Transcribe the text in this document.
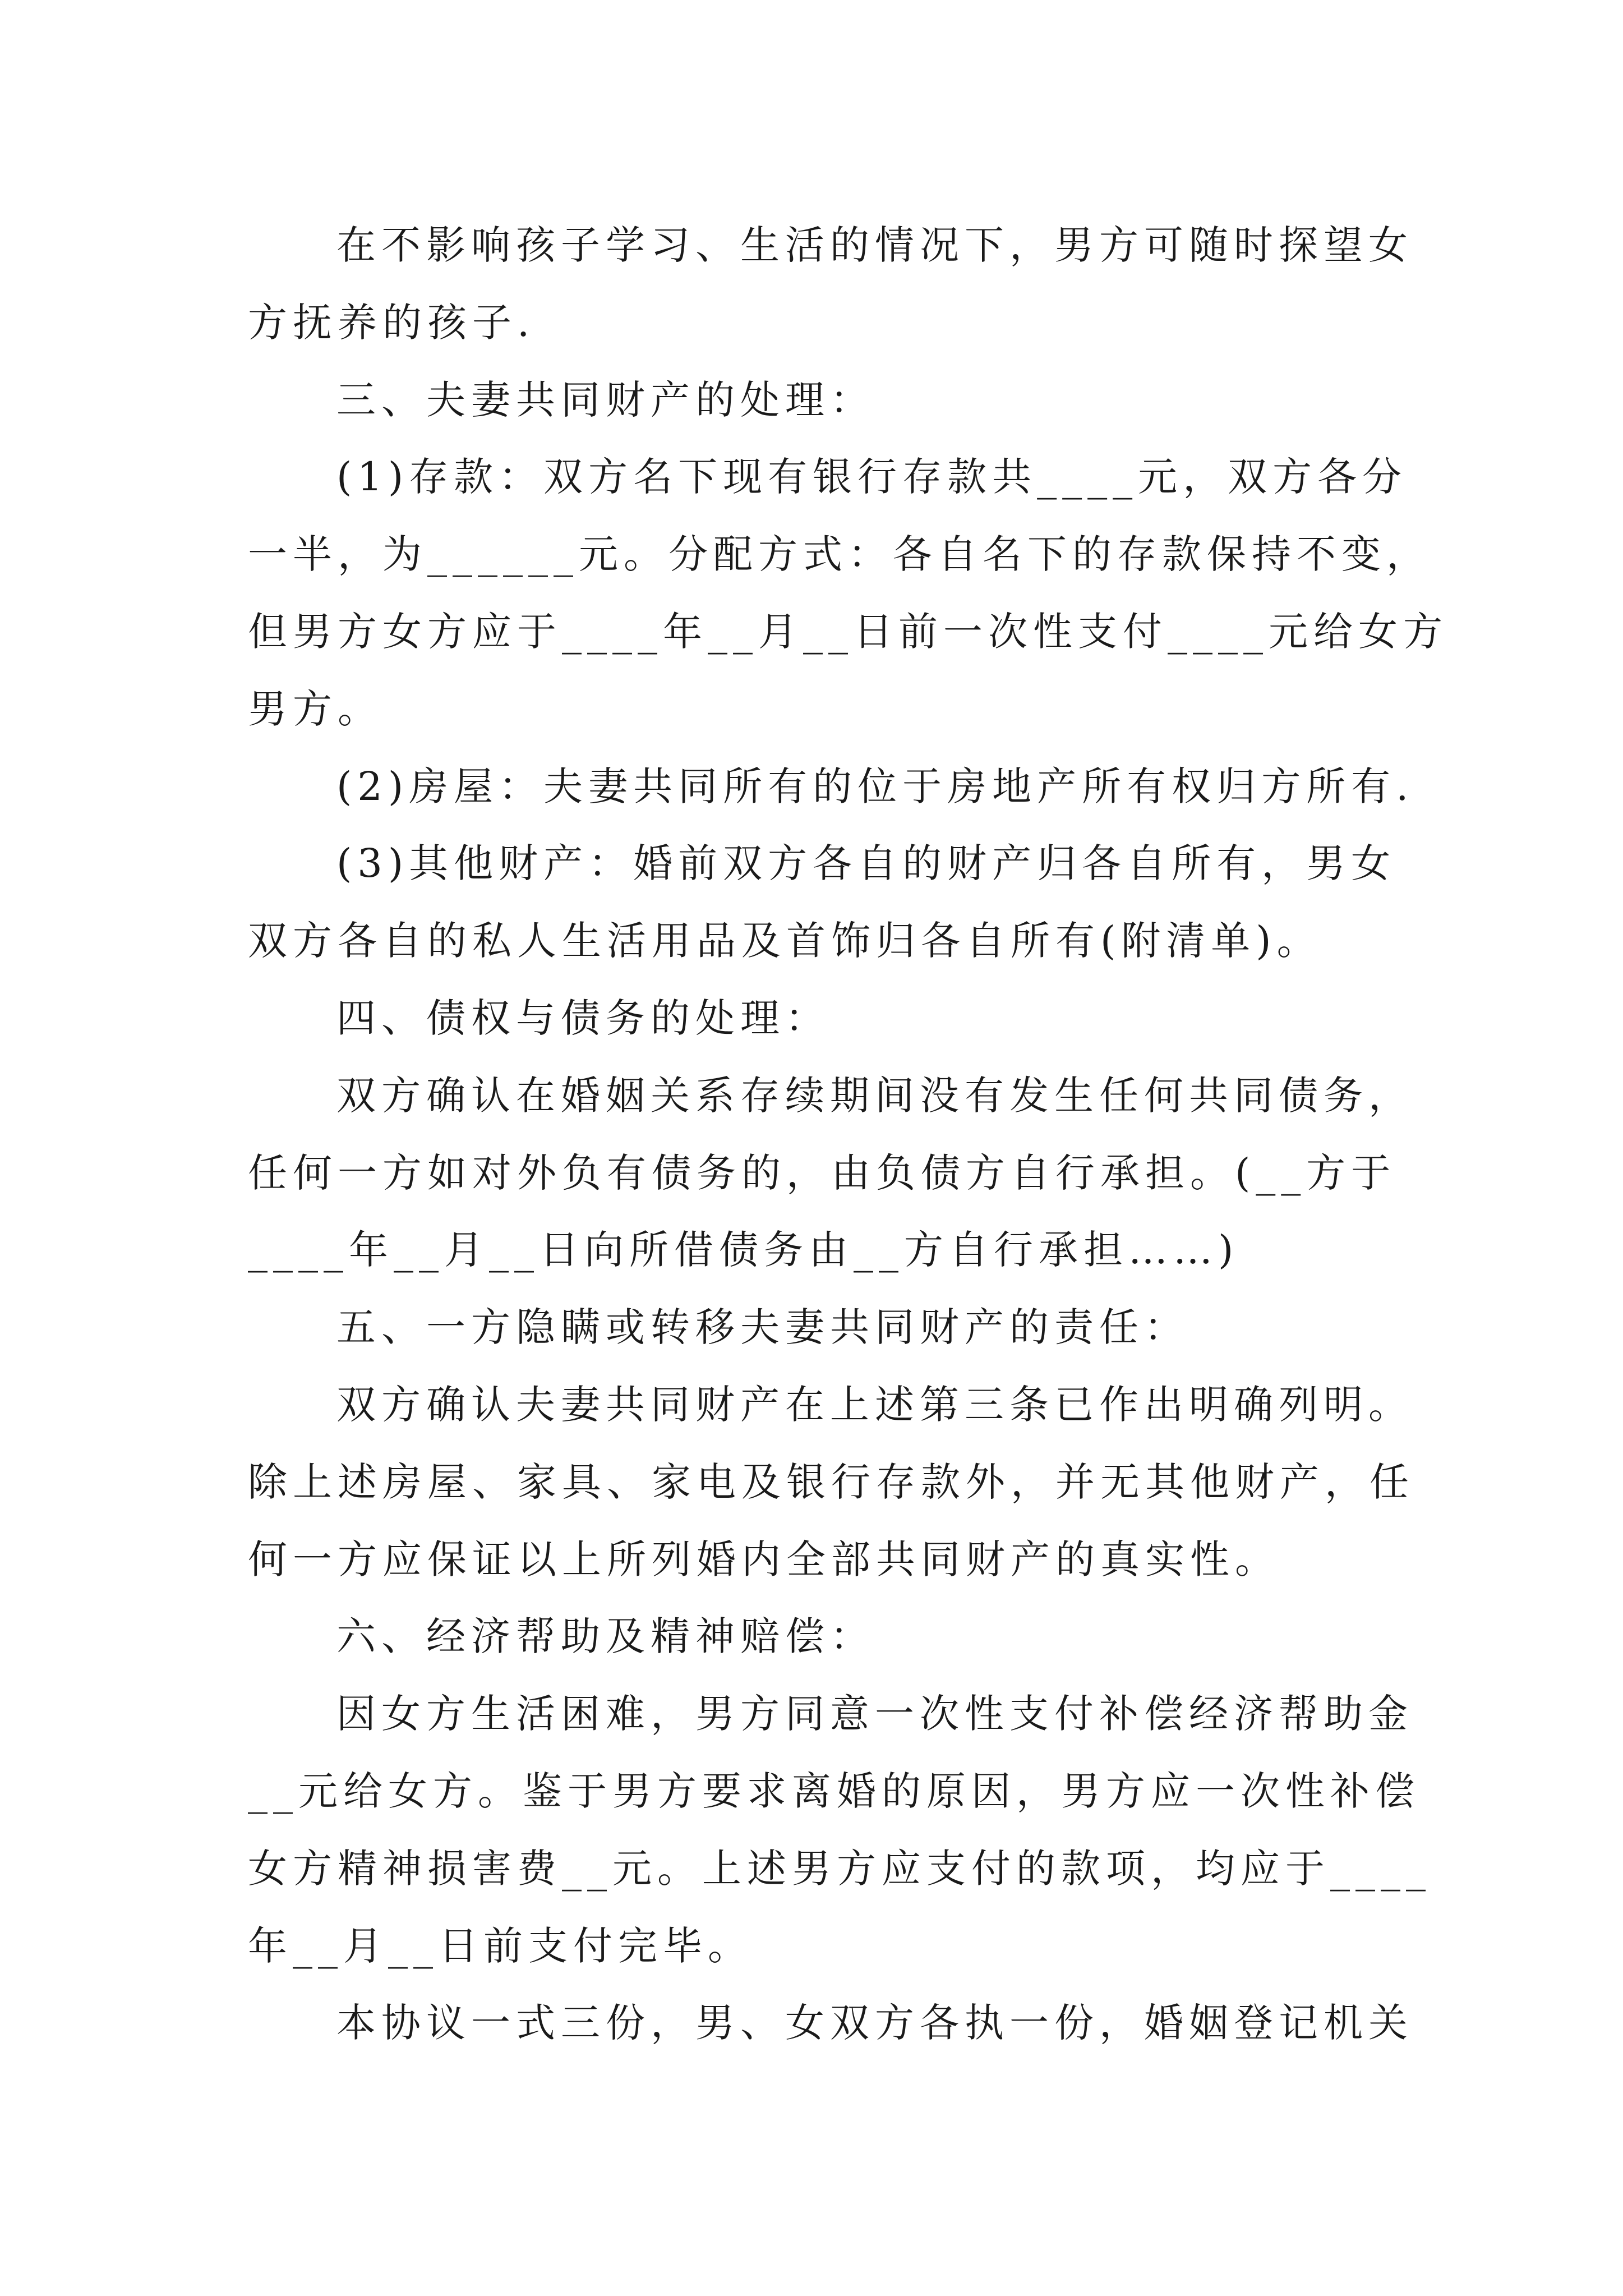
在不影响孩子学习、生活的情况下，男方可随时探望女
方抚养的孩子.
三、夫妻共同财产的处理：
(1)存款：双方名下现有银行存款共____元，双方各分
一半，为______元。分配方式：各自名下的存款保持不变，
但男方女方应于____年__月__日前一次性支付____元给女方
男方。
(2)房屋：夫妻共同所有的位于房地产所有权归方所有.
(3)其他财产：婚前双方各自的财产归各自所有，男女
双方各自的私人生活用品及首饰归各自所有(附清单)。
四、债权与债务的处理：
双方确认在婚姻关系存续期间没有发生任何共同债务，
任何一方如对外负有债务的，由负债方自行承担。(__方于
____年__月__日向所借债务由__方自行承担……)
五、一方隐瞒或转移夫妻共同财产的责任：
双方确认夫妻共同财产在上述第三条已作出明确列明。
除上述房屋、家具、家电及银行存款外，并无其他财产，任
何一方应保证以上所列婚内全部共同财产的真实性。
六、经济帮助及精神赔偿：
因女方生活困难，男方同意一次性支付补偿经济帮助金
__元给女方。鉴于男方要求离婚的原因，男方应一次性补偿
女方精神损害费__元。上述男方应支付的款项，均应于____
年__月__日前支付完毕。
本协议一式三份，男、女双方各执一份，婚姻登记机关
